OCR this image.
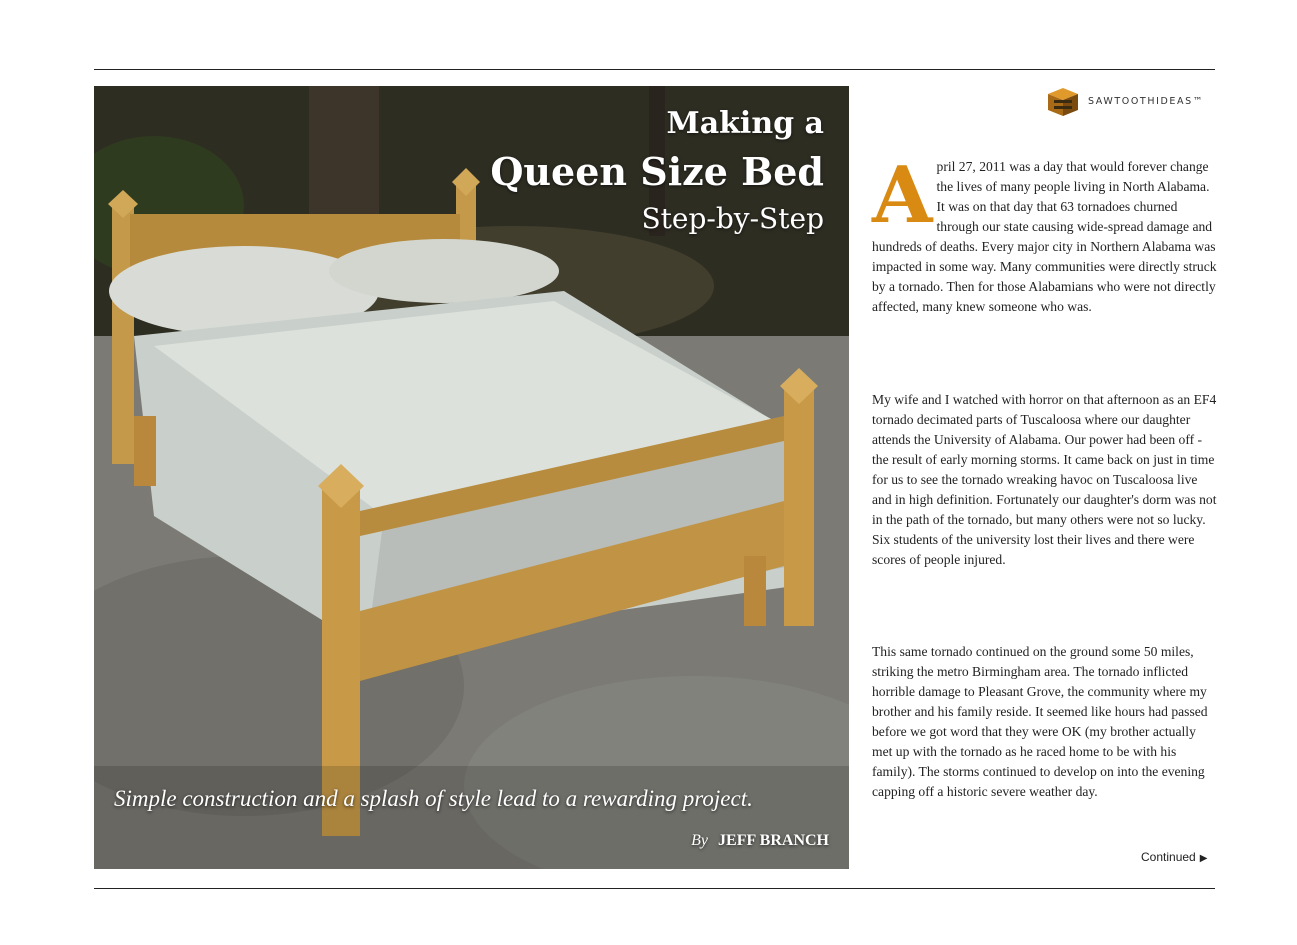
Making a
Queen Size Bed
Step-by-Step
Simple construction and a splash of style lead to a rewarding project.
By JEFF BRANCH
SAWTOOTHIDEAS™
A pril 27, 2011 was a day that would forever change the lives of many people living in North Alabama. It was on that day that 63 tornadoes churned through our state causing wide-spread damage and hundreds of deaths. Every major city in Northern Alabama was impacted in some way. Many communities were directly struck by a tornado. Then for those Alabamians who were not directly affected, many knew someone who was.
My wife and I watched with horror on that afternoon as an EF4 tornado decimated parts of Tuscaloosa where our daughter attends the University of Alabama. Our power had been off - the result of early morning storms. It came back on just in time for us to see the tornado wreaking havoc on Tuscaloosa live and in high definition. Fortunately our daughter's dorm was not in the path of the tornado, but many others were not so lucky. Six students of the university lost their lives and there were scores of people injured.
This same tornado continued on the ground some 50 miles, striking the metro Birmingham area. The tornado inflicted horrible damage to Pleasant Grove, the community where my brother and his family reside. It seemed like hours had passed before we got word that they were OK (my brother actually met up with the tornado as he raced home to be with his family). The storms continued to develop on into the evening capping off a historic severe weather day.
Continued ▶
